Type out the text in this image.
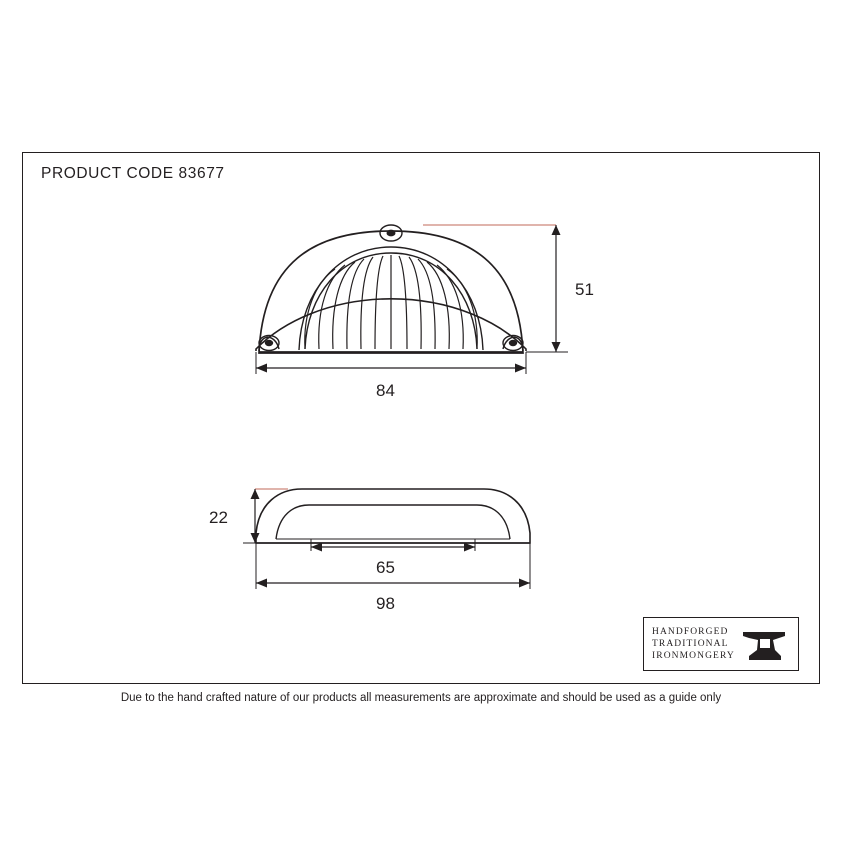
PRODUCT CODE 83677
51
84
22
65
98
HANDFORGED
TRADITIONAL
IRONMONGERY
Due to the hand crafted nature of our products all measurements are approximate and should be used as a guide only
